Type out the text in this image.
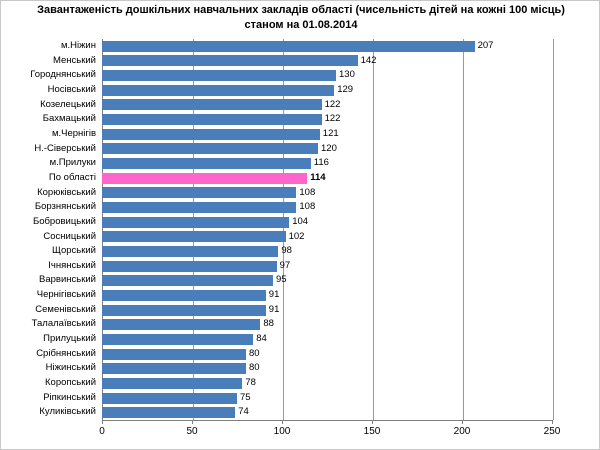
Завантаженість дошкільних навчальних закладів області (чисельність дітей на кожні 100 місць)
станом на 01.08.2014
0	50	100	150	200	250
м.Ніжин	207
Менський	142
Городнянський	130
Носівський	129
Козелецький	122
Бахмацький	122
м.Чернігів	121
Н.-Сіверський	120
м.Прилуки	116
По області	114
Корюківський	108
Борзнянський	108
Бобровицький	104
Сосницький	102
Щорський	98
Ічнянський	97
Варвинський	95
Чернігівський	91
Семенівський	91
Талалаївський	88
Прилуцький	84
Срібнянський	80
Ніжинський	80
Коропський	78
Ріпкинський	75
Куликівський	74
